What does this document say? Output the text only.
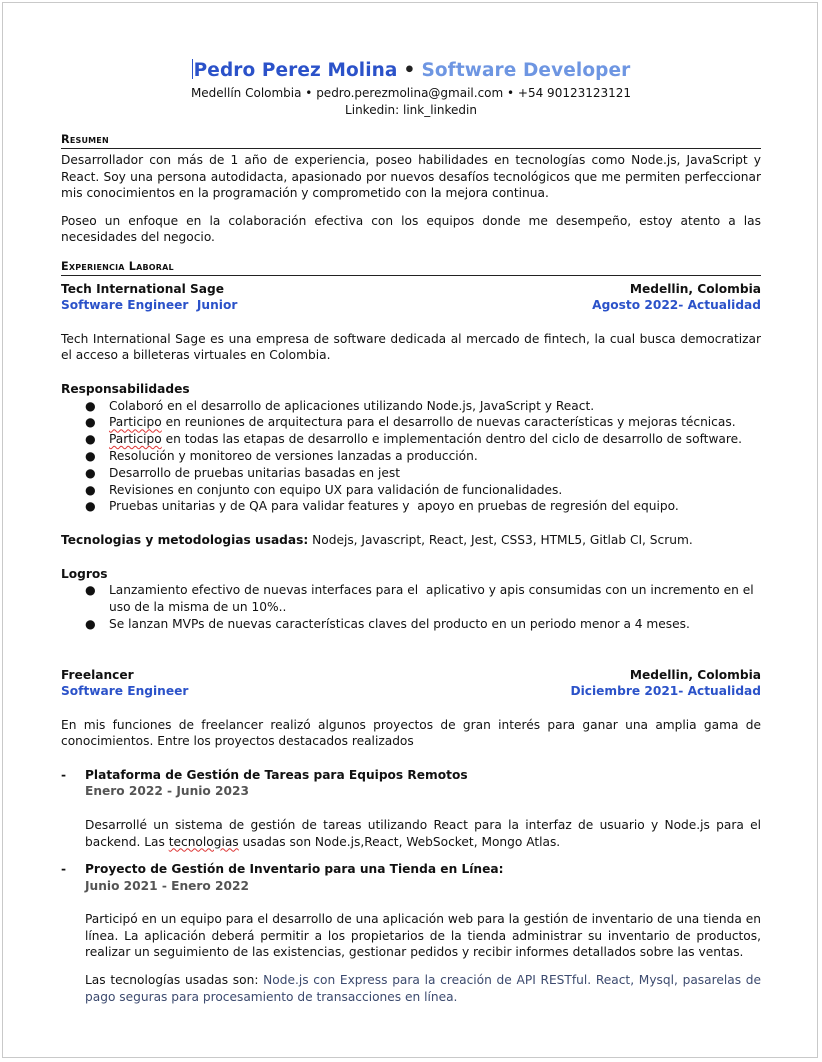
Pedro Perez Molina • Software Developer
Medellín Colombia • pedro.perezmolina@gmail.com • +54 90123123121
Linkedin: link_linkedin
Resumen

Desarrollador con más de 1 año de experiencia, poseo habilidades en tecnologías como Node.js, JavaScript y React. Soy una persona autodidacta, apasionado por nuevos desafíos tecnológicos que me permiten perfeccionar mis conocimientos en la programación y comprometido con la mejora continua.

Poseo un enfoque en la colaboración efectiva con los equipos donde me desempeño, estoy atento a las necesidades del negocio.

Experiencia Laboral
Tech International Sage	Medellin, Colombia
Software Engineer  Junior	Agosto 2022- Actualidad

Tech International Sage es una empresa de software dedicada al mercado de fintech, la cual busca democratizar el acceso a billeteras virtuales en Colombia.

Responsabilidades
● Colaboró en el desarrollo de aplicaciones utilizando Node.js, JavaScript y React.
● Participo en reuniones de arquitectura para el desarrollo de nuevas características y mejoras técnicas.
● Participo en todas las etapas de desarrollo e implementación dentro del ciclo de desarrollo de software.
● Resolución y monitoreo de versiones lanzadas a producción.
● Desarrollo de pruebas unitarias basadas en jest
● Revisiones en conjunto con equipo UX para validación de funcionalidades.
● Pruebas unitarias y de QA para validar features y  apoyo en pruebas de regresión del equipo.

Tecnologias y metodologias usadas: Nodejs, Javascript, React, Jest, CSS3, HTML5, Gitlab CI, Scrum.

Logros
● Lanzamiento efectivo de nuevas interfaces para el  aplicativo y apis consumidas con un incremento en el uso de la misma de un 10%..
● Se lanzan MVPs de nuevas características claves del producto en un periodo menor a 4 meses.
Freelancer	Medellin, Colombia
Software Engineer	Diciembre 2021- Actualidad

En mis funciones de freelancer realizó algunos proyectos de gran interés para ganar una amplia gama de conocimientos. Entre los proyectos destacados realizados

- Plataforma de Gestión de Tareas para Equipos Remotos
Enero 2022 - Junio 2023

Desarrollé un sistema de gestión de tareas utilizando React para la interfaz de usuario y Node.js para el backend. Las tecnologias usadas son Node.js,React, WebSocket, Mongo Atlas.

- Proyecto de Gestión de Inventario para una Tienda en Línea:
Junio 2021 - Enero 2022

Participó en un equipo para el desarrollo de una aplicación web para la gestión de inventario de una tienda en línea. La aplicación deberá permitir a los propietarios de la tienda administrar su inventario de productos, realizar un seguimiento de las existencias, gestionar pedidos y recibir informes detallados sobre las ventas.

Las tecnologías usadas son: Node.js con Express para la creación de API RESTful. React, Mysql, pasarelas de pago seguras para procesamiento de transacciones en línea.
